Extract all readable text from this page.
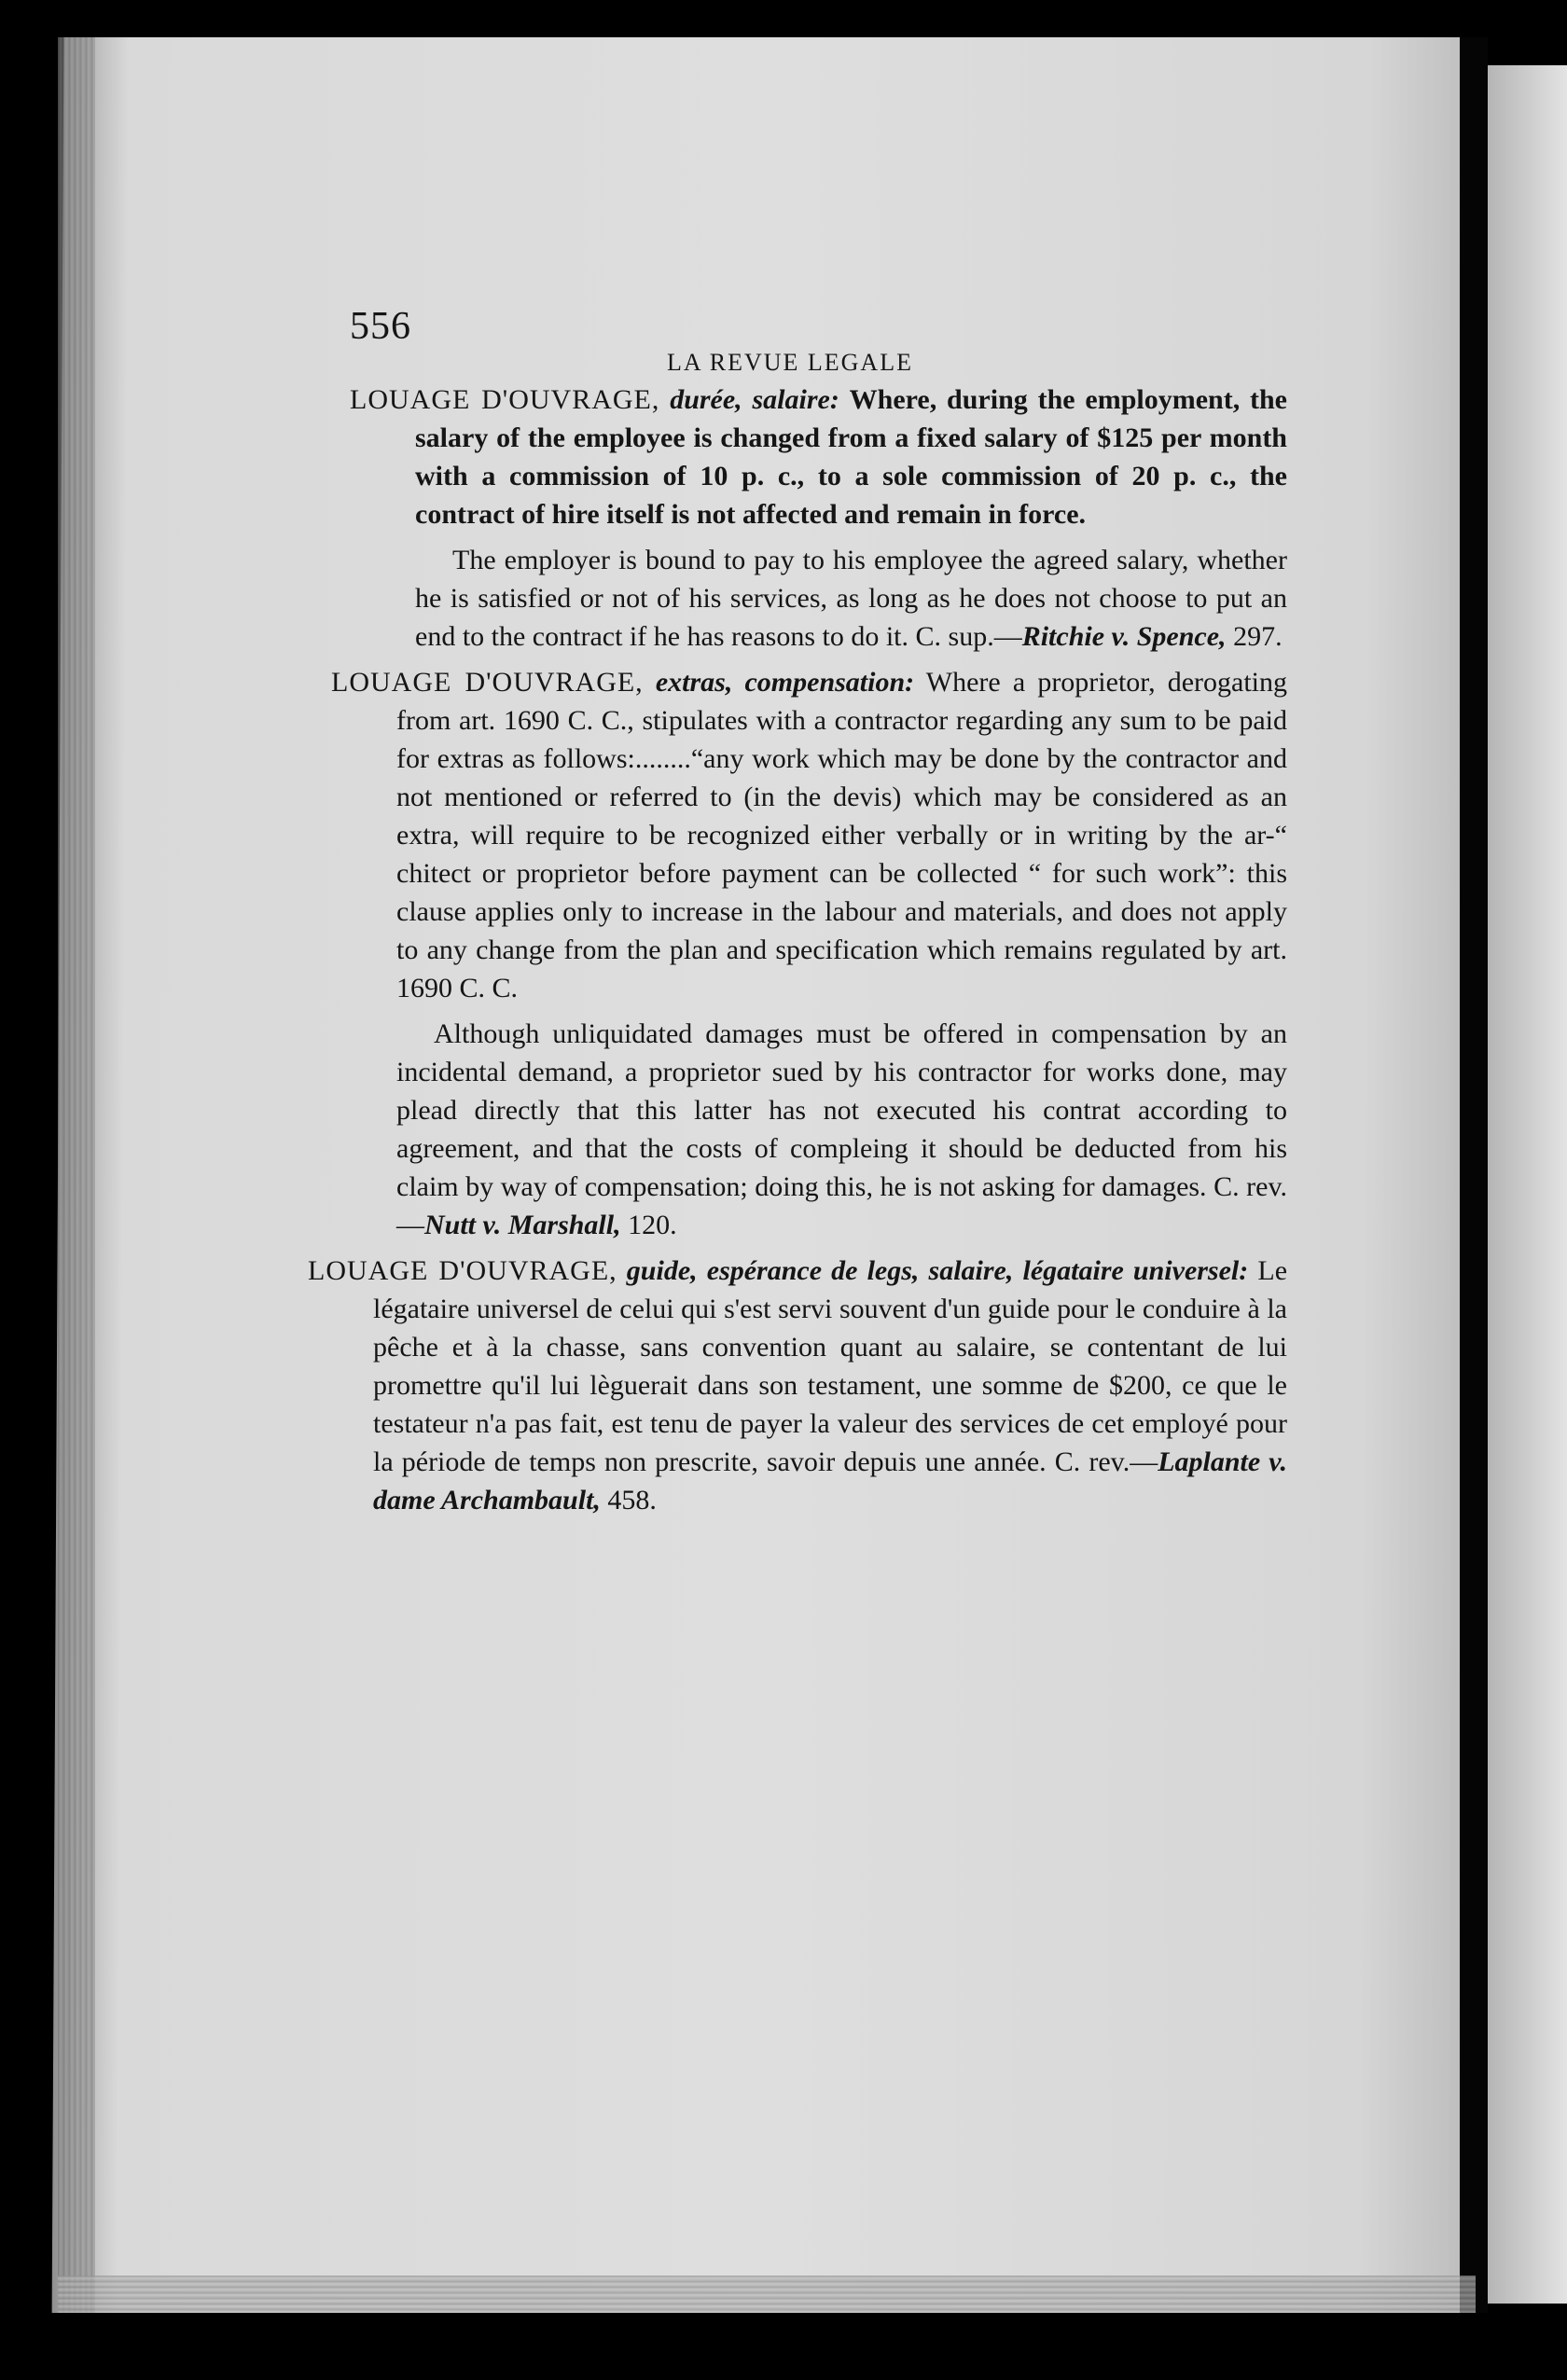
556
LA REVUE LEGALE

LOUAGE D'OUVRAGE, durée, salaire: Where, during the employment, the salary of the employee is changed from a fixed salary of $125 per month with a commission of 10 p. c., to a sole commission of 20 p. c., the contract of hire itself is not affected and remain in force.

The employer is bound to pay to his employee the agreed salary, whether he is satisfied or not of his services, as long as he does not choose to put an end to the contract if he has reasons to do it. C. sup.—Ritchie v. Spence, 297.

LOUAGE D'OUVRAGE, extras, compensation: Where a proprietor, derogating from art. 1690 C. C., stipulates with a contractor regarding any sum to be paid for extras as follows:........“any work which may be done by the contractor and not mentioned or referred to (in the devis) which may be considered as an extra, will require to be recognized either verbally or in writing by the ar-“ chitect or proprietor before payment can be collected “ for such work”: this clause applies only to increase in the labour and materials, and does not apply to any change from the plan and specification which remains regulated by art. 1690 C. C.

Although unliquidated damages must be offered in compensation by an incidental demand, a proprietor sued by his contractor for works done, may plead directly that this latter has not executed his contrat according to agreement, and that the costs of compleing it should be deducted from his claim by way of compensation; doing this, he is not asking for damages. C. rev.—Nutt v. Marshall, 120.

LOUAGE D'OUVRAGE, guide, espérance de legs, salaire, légataire universel: Le légataire universel de celui qui s'est servi souvent d'un guide pour le conduire à la pêche et à la chasse, sans convention quant au salaire, se contentant de lui promettre qu'il lui lèguerait dans son testament, une somme de $200, ce que le testateur n'a pas fait, est tenu de payer la valeur des services de cet employé pour la période de temps non prescrite, savoir depuis une année. C. rev.—Laplante v. dame Archambault, 458.
